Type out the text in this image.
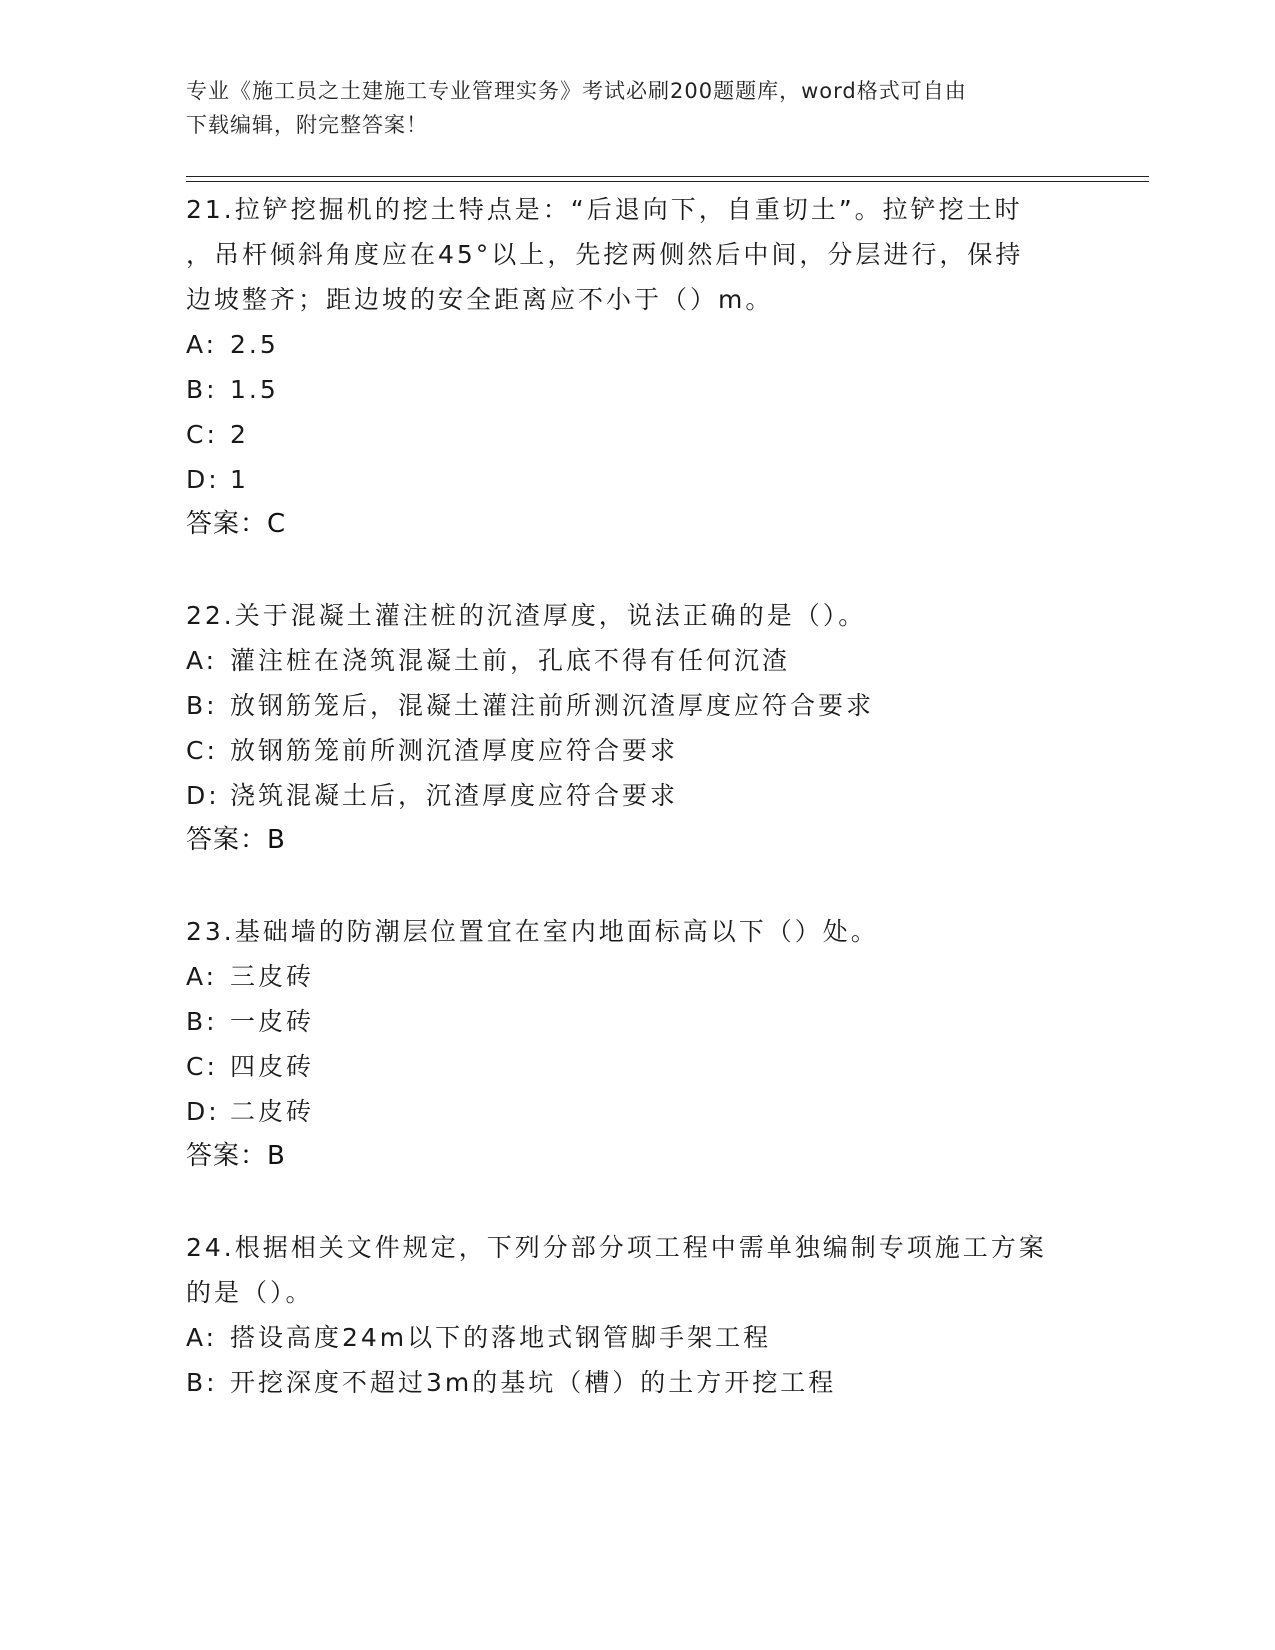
专业《施工员之土建施工专业管理实务》考试必刷200题题库，word格式可自由
下载编辑，附完整答案！

21.拉铲挖掘机的挖土特点是：“后退向下，自重切土”。拉铲挖土时

，吊杆倾斜角度应在45°以上，先挖两侧然后中间，分层进行，保持

边坡整齐；距边坡的安全距离应不小于（）m。

A: 2.5

B: 1.5

C: 2

D: 1

答案：C

22.关于混凝土灌注桩的沉渣厚度，说法正确的是（）。

A: 灌注桩在浇筑混凝土前，孔底不得有任何沉渣

B: 放钢筋笼后，混凝土灌注前所测沉渣厚度应符合要求

C: 放钢筋笼前所测沉渣厚度应符合要求

D: 浇筑混凝土后，沉渣厚度应符合要求

答案：B

23.基础墙的防潮层位置宜在室内地面标高以下（）处。

A: 三皮砖

B: 一皮砖

C: 四皮砖

D: 二皮砖

答案：B

24.根据相关文件规定，下列分部分项工程中需单独编制专项施工方案

的是（）。

A: 搭设高度24m以下的落地式钢管脚手架工程

B: 开挖深度不超过3m的基坑（槽）的土方开挖工程
